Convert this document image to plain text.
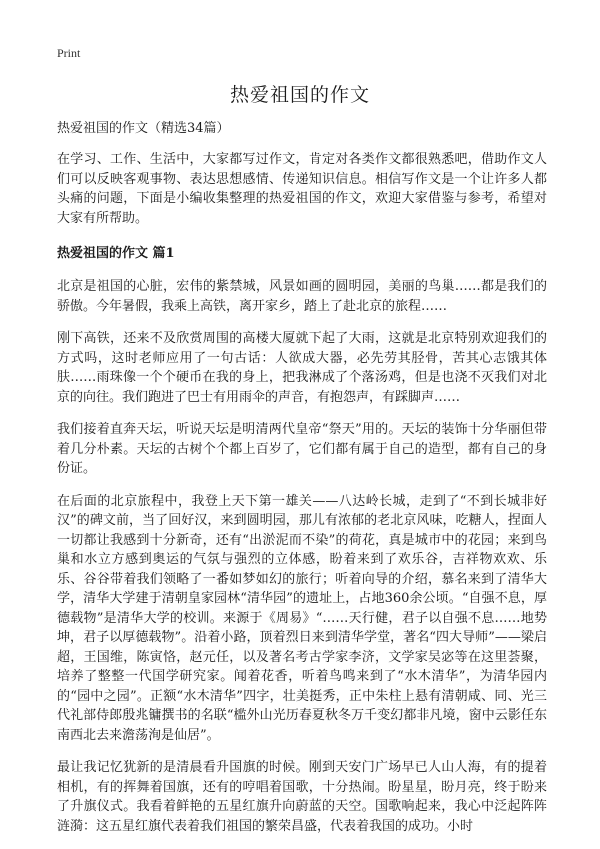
Print
热爱祖国的作文
热爱祖国的作文（精选34篇）

在学习、工作、生活中，大家都写过作文，肯定对各类作文都很熟悉吧，借助作文人们可以反映客观事物、表达思想感情、传递知识信息。相信写作文是一个让许多人都头痛的问题，下面是小编收集整理的热爱祖国的作文，欢迎大家借鉴与参考，希望对大家有所帮助。

热爱祖国的作文 篇1

北京是祖国的心脏，宏伟的紫禁城，风景如画的圆明园，美丽的鸟巢……都是我们的骄傲。今年暑假，我乘上高铁，离开家乡，踏上了赴北京的旅程……

刚下高铁，还来不及欣赏周围的高楼大厦就下起了大雨，这就是北京特别欢迎我们的方式吗，这时老师应用了一句古话：人欲成大器，必先劳其胫骨，苦其心志饿其体肤……雨珠像一个个硬币在我的身上，把我淋成了个落汤鸡，但是也浇不灭我们对北京的向往。我们跑进了巴士有用雨伞的声音，有抱怨声，有踩脚声……

我们接着直奔天坛，听说天坛是明清两代皇帝“祭天”用的。天坛的装饰十分华丽但带着几分朴素。天坛的古树个个都上百岁了，它们都有属于自己的造型，都有自己的身份证。

在后面的北京旅程中，我登上天下第一雄关——八达岭长城，走到了“不到长城非好汉”的碑文前，当了回好汉，来到圆明园，那儿有浓郁的老北京风味，吃糖人，捏面人一切都让我感到十分新奇，还有“出淤泥而不染”的荷花，真是城市中的花园；来到鸟巢和水立方感到奥运的气氛与强烈的立体感，盼着来到了欢乐谷，吉祥物欢欢、乐乐、谷谷带着我们领略了一番如梦如幻的旅行；听着向导的介绍，慕名来到了清华大学，清华大学建于清朝皇家园林“清华园”的遗址上，占地360余公顷。“自强不息，厚德载物”是清华大学的校训。来源于《周易》“……天行健，君子以自强不息……地势坤，君子以厚德载物”。沿着小路，顶着烈日来到清华学堂，著名“四大导师”——梁启超，王国维，陈寅恪，赵元任，以及著名考古学家李济，文学家吴宓等在这里荟聚，培养了整整一代国学研究家。闻着花香，听着鸟鸣来到了“水木清华”，为清华园内的“园中之园”。正额“水木清华”四字，壮美挺秀，正中朱柱上悬有清朝咸、同、光三代礼部侍郎殷兆镛撰书的名联“槛外山光历春夏秋冬万千变幻都非凡境，窗中云影任东南西北去来澹荡洵是仙居”。

最让我记忆犹新的是清晨看升国旗的时候。刚到天安门广场早已人山人海，有的提着相机，有的挥舞着国旗，还有的哼唱着国歌，十分热闹。盼星星，盼月亮，终于盼来了升旗仪式。我看着鲜艳的五星红旗升向蔚蓝的天空。国歌响起来，我心中泛起阵阵涟漪：这五星红旗代表着我们祖国的繁荣昌盛，代表着我国的成功。小时
